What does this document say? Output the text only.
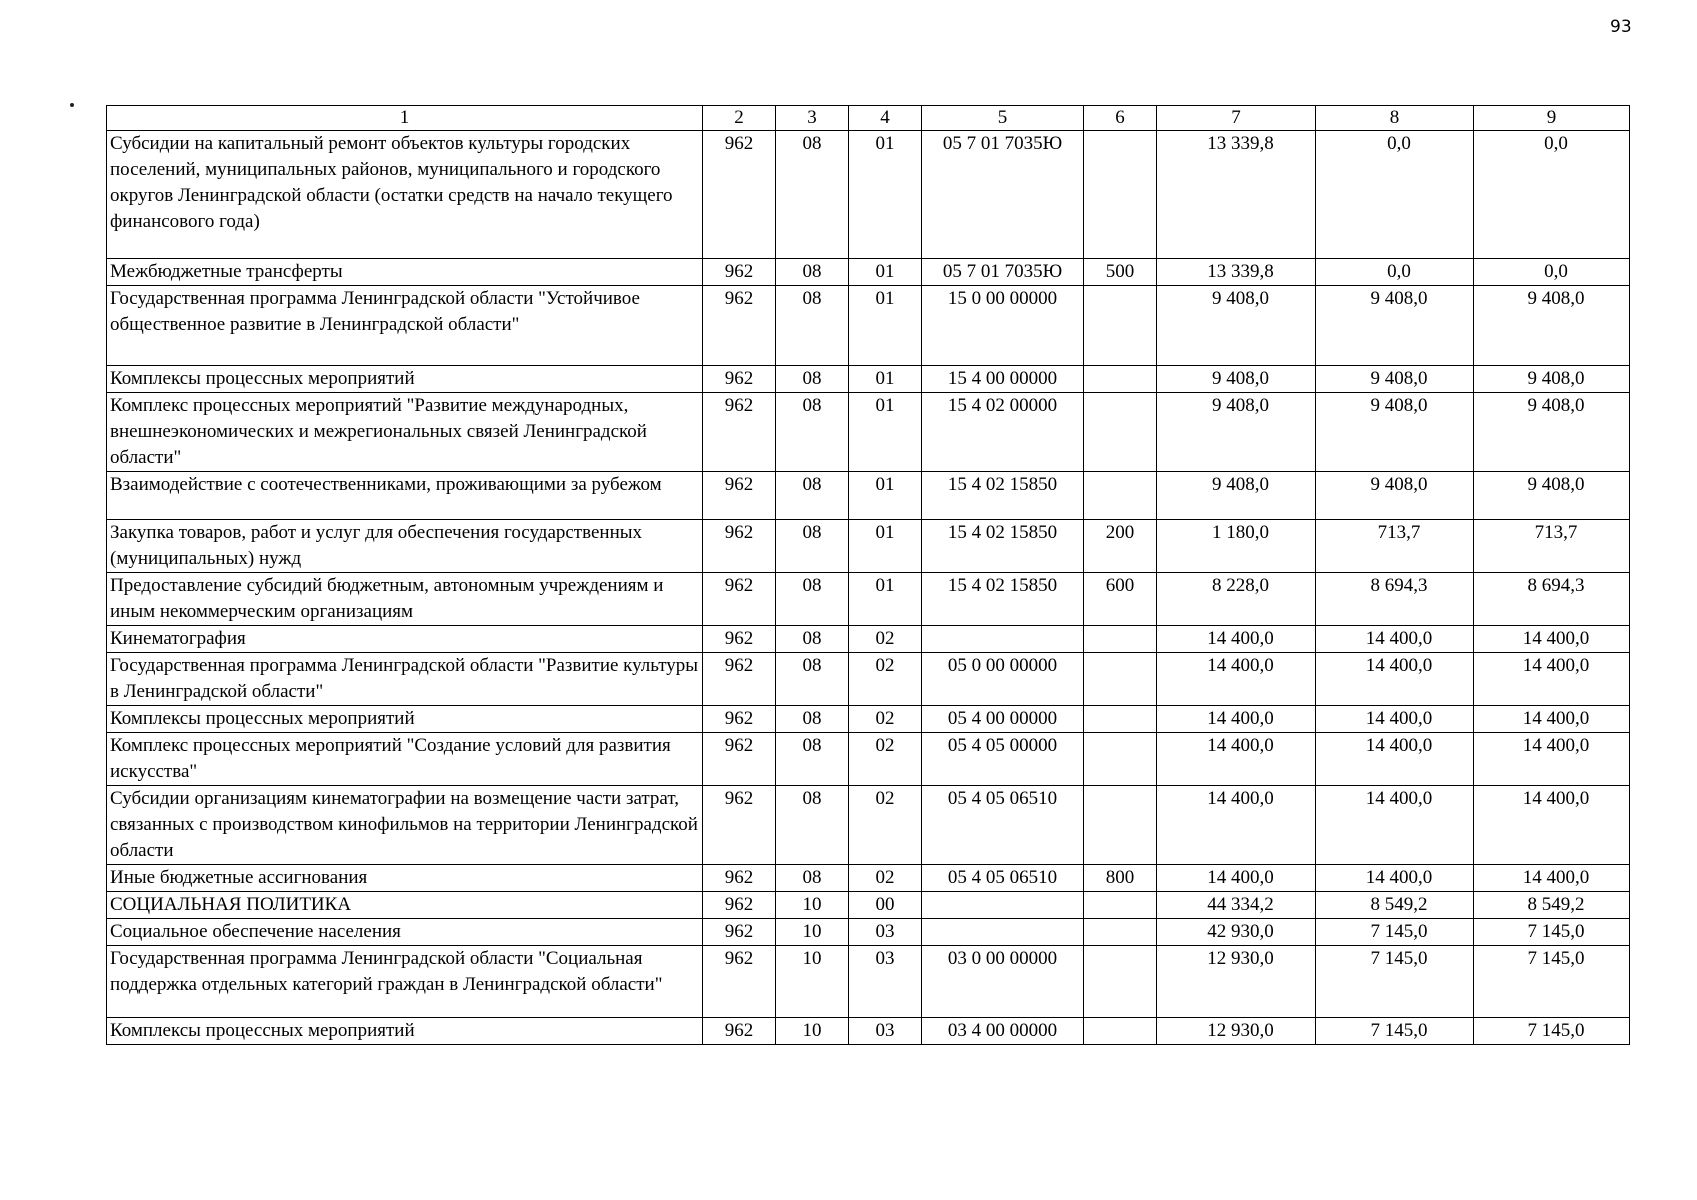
93
1	2	3	4	5	6	7	8	9
Субсидии на капитальный ремонт объектов культуры городских поселений, муниципальных районов, муниципального и городского округов Ленинградской области (остатки средств на начало текущего финансового года)	962	08	01	05 7 01 7035Ю		13 339,8	0,0	0,0
Межбюджетные трансферты	962	08	01	05 7 01 7035Ю	500	13 339,8	0,0	0,0
Государственная программа Ленинградской области "Устойчивое общественное развитие в Ленинградской области"	962	08	01	15 0 00 00000		9 408,0	9 408,0	9 408,0
Комплексы процессных мероприятий	962	08	01	15 4 00 00000		9 408,0	9 408,0	9 408,0
Комплекс процессных мероприятий "Развитие международных, внешнеэкономических и межрегиональных связей Ленинградской области"	962	08	01	15 4 02 00000		9 408,0	9 408,0	9 408,0
Взаимодействие с соотечественниками, проживающими за рубежом	962	08	01	15 4 02 15850		9 408,0	9 408,0	9 408,0
Закупка товаров, работ и услуг для обеспечения государственных (муниципальных) нужд	962	08	01	15 4 02 15850	200	1 180,0	713,7	713,7
Предоставление субсидий бюджетным, автономным учреждениям и иным некоммерческим организациям	962	08	01	15 4 02 15850	600	8 228,0	8 694,3	8 694,3
Кинематография	962	08	02			14 400,0	14 400,0	14 400,0
Государственная программа Ленинградской области "Развитие культуры в Ленинградской области"	962	08	02	05 0 00 00000		14 400,0	14 400,0	14 400,0
Комплексы процессных мероприятий	962	08	02	05 4 00 00000		14 400,0	14 400,0	14 400,0
Комплекс процессных мероприятий "Создание условий для развития искусства"	962	08	02	05 4 05 00000		14 400,0	14 400,0	14 400,0
Субсидии организациям кинематографии на возмещение части затрат, связанных с производством кинофильмов на территории Ленинградской области	962	08	02	05 4 05 06510		14 400,0	14 400,0	14 400,0
Иные бюджетные ассигнования	962	08	02	05 4 05 06510	800	14 400,0	14 400,0	14 400,0
СОЦИАЛЬНАЯ ПОЛИТИКА	962	10	00			44 334,2	8 549,2	8 549,2
Социальное обеспечение населения	962	10	03			42 930,0	7 145,0	7 145,0
Государственная программа Ленинградской области "Социальная поддержка отдельных категорий граждан в Ленинградской области"	962	10	03	03 0 00 00000		12 930,0	7 145,0	7 145,0
Комплексы процессных мероприятий	962	10	03	03 4 00 00000		12 930,0	7 145,0	7 145,0
